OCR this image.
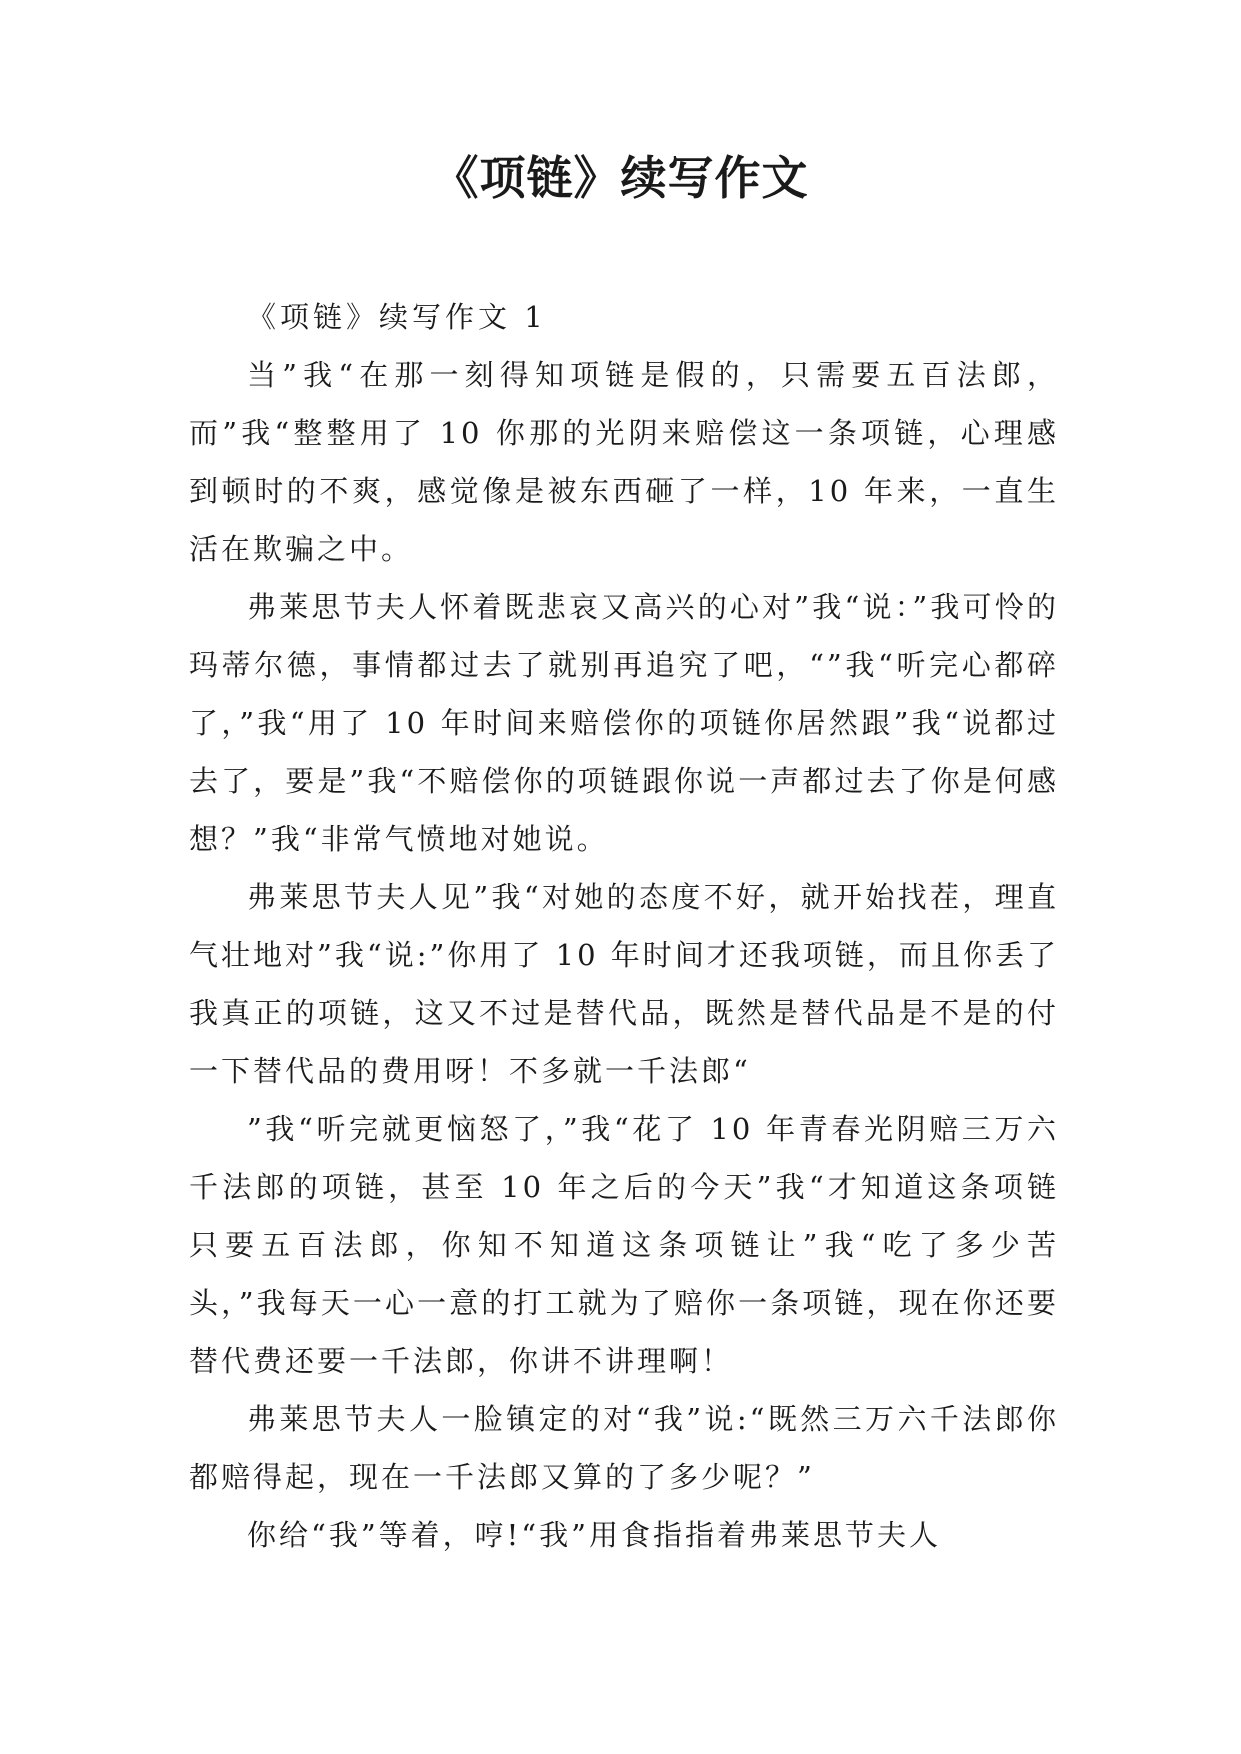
《项链》续写作文

《项链》续写作文 1

当”我“在那一刻得知项链是假的，只需要五百法郎，而”我“整整用了 10 你那的光阴来赔偿这一条项链，心理感到顿时的不爽，感觉像是被东西砸了一样，10 年来，一直生活在欺骗之中。

弗莱思节夫人怀着既悲哀又高兴的心对”我“说：”我可怜的玛蒂尔德，事情都过去了就别再追究了吧，“”我“听完心都碎了，”我“用了 10 年时间来赔偿你的项链你居然跟”我“说都过去了，要是”我“不赔偿你的项链跟你说一声都过去了你是何感想？”我“非常气愤地对她说。

弗莱思节夫人见”我“对她的态度不好，就开始找茬，理直气壮地对”我“说:”你用了 10 年时间才还我项链，而且你丢了我真正的项链，这又不过是替代品，既然是替代品是不是的付一下替代品的费用呀！不多就一千法郎“

”我“听完就更恼怒了，”我“花了 10 年青春光阴赔三万六千法郎的项链，甚至 10 年之后的今天”我“才知道这条项链只要五百法郎，你知不知道这条项链让”我“吃了多少苦头，”我每天一心一意的打工就为了赔你一条项链，现在你还要替代费还要一千法郎，你讲不讲理啊！

弗莱思节夫人一脸镇定的对“我”说:“既然三万六千法郎你都赔得起，现在一千法郎又算的了多少呢？”

你给“我”等着，哼!“我”用食指指着弗莱思节夫人
